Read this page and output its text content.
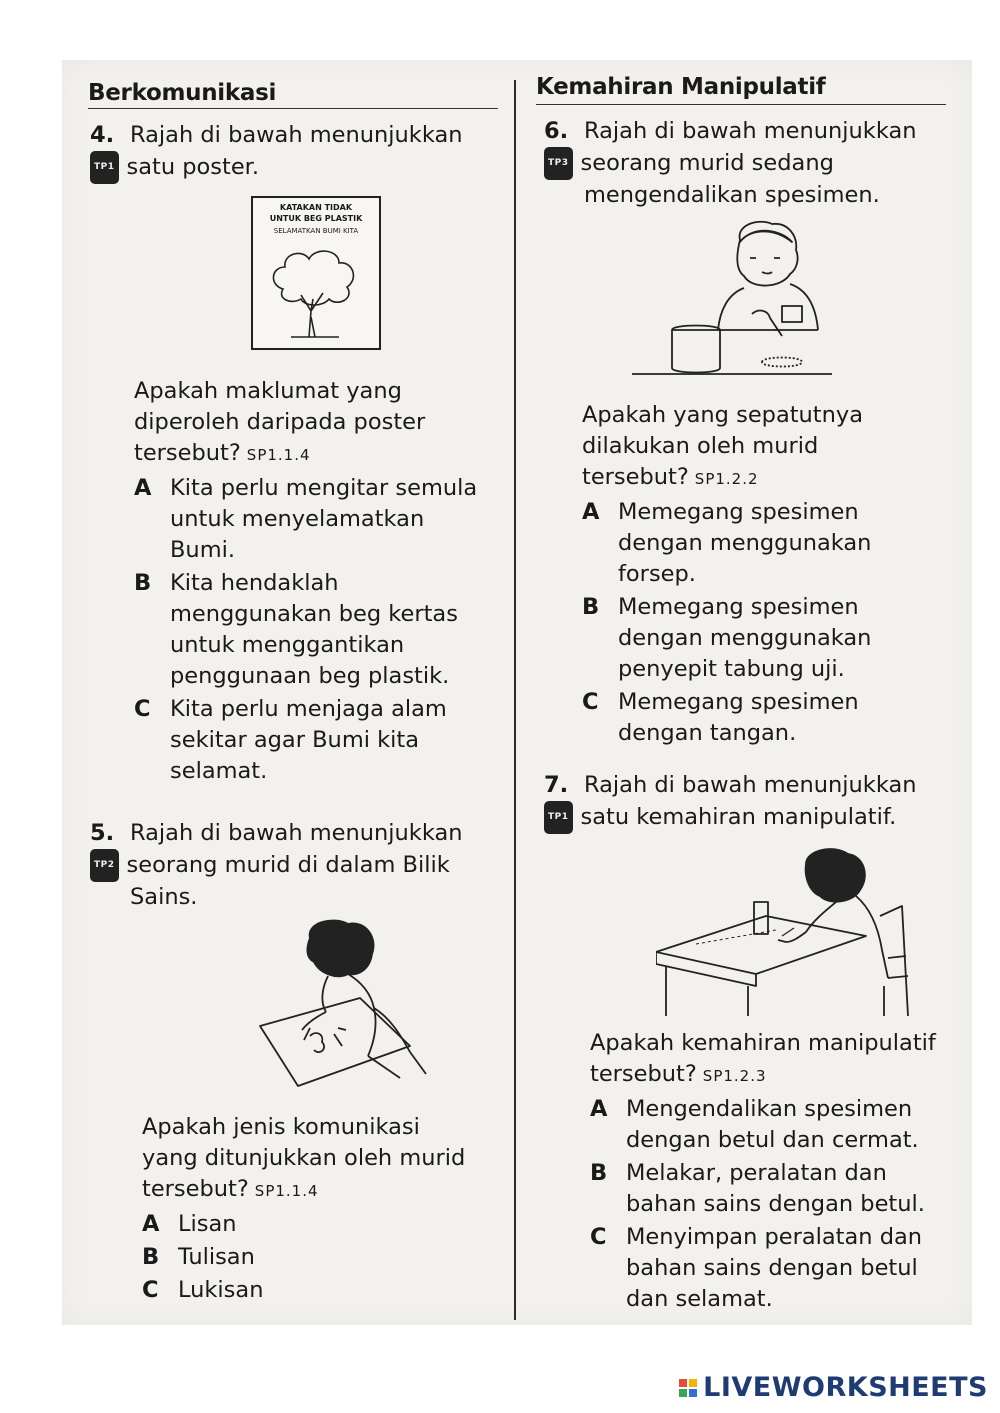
Berkomunikasi
4. Rajah di bawah menunjukkan
TP1 satu poster.
KATAKAN TIDAK
UNTUK BEG PLASTIK
SELAMATKAN BUMI KITA

Apakah maklumat yang

diperoleh daripada poster

tersebut? SP1.1.4

A Kita perlu mengitar semula
untuk menyelamatkan
Bumi.
B Kita hendaklah
menggunakan beg kertas
untuk menggantikan
penggunaan beg plastik.
C Kita perlu menjaga alam
sekitar agar Bumi kita
selamat.
5. Rajah di bawah menunjukkan
TP2 seorang murid di dalam Bilik
Sains.

Apakah jenis komunikasi

yang ditunjukkan oleh murid

tersebut? SP1.1.4

A Lisan
B Tulisan
C Lukisan
Kemahiran Manipulatif
6. Rajah di bawah menunjukkan
TP3 seorang murid sedang
mengendalikan spesimen.

Apakah yang sepatutnya

dilakukan oleh murid

tersebut? SP1.2.2

A Memegang spesimen
dengan menggunakan
forsep.
B Memegang spesimen
dengan menggunakan
penyepit tabung uji.
C Memegang spesimen
dengan tangan.
7. Rajah di bawah menunjukkan
TP1 satu kemahiran manipulatif.

Apakah kemahiran manipulatif

tersebut? SP1.2.3

A Mengendalikan spesimen
dengan betul dan cermat.
B Melakar, peralatan dan
bahan sains dengan betul.
C Menyimpan peralatan dan
bahan sains dengan betul
dan selamat.
LIVEWORKSHEETS
